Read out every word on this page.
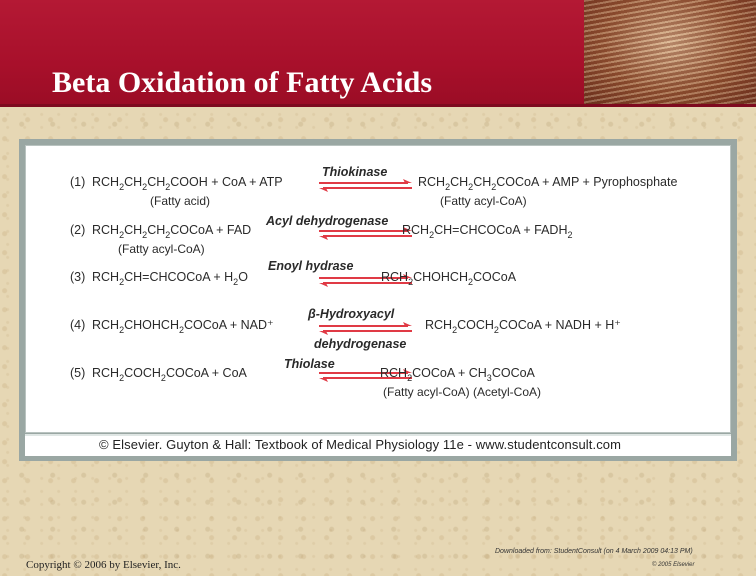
Beta Oxidation of Fatty Acids
(1) $RCH_2CH_2CH_2COOH$ + CoA + ATP
(Fatty acid)
Thiokinase
$RCH_2CH_2CH_2COCoA$ + AMP + Pyrophosphate
(Fatty acyl-CoA)
(2) $RCH_2CH_2CH_2COCoA$ + FAD
(Fatty acyl-CoA)
Acyl dehydrogenase
$RCH_2CH=CHCOCoA$ + $FADH_2$
(3) $RCH_2CH=CHCOCoA + H_2O$
Enoyl hydrase
$RCH_2CHOHCH_2COCoA$
(4) $RCH_2CHOHCH_2COCoA + NAD^+$
β-Hydroxyacyl
dehydrogenase
$RCH_2COCH_2COCoA$ + NADH + H⁺
(5) $RCH_2COCH_2COCoA$ + CoA
Thiolase
$RCH_2COCoA$ + $CH_3COCoA$
(Fatty acyl-CoA) (Acetyl-CoA)
© Elsevier. Guyton & Hall: Textbook of Medical Physiology 11e - www.studentconsult.com
Copyright © 2006 by Elsevier, Inc.
Downloaded from: StudentConsult (on 4 March 2009 04:13 PM)
© 2005 Elsevier
